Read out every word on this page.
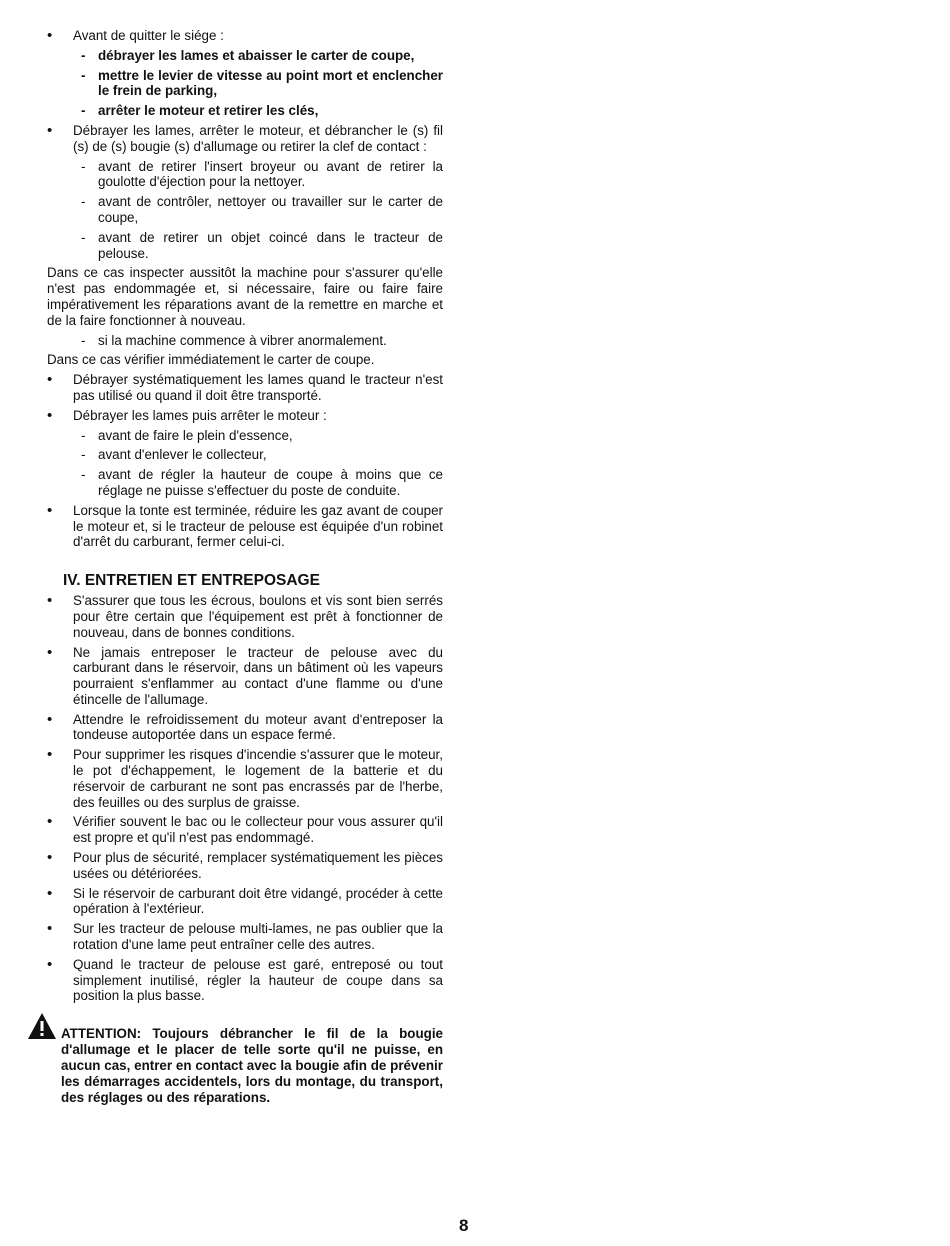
• Avant de quitter le siége :

- débrayer les lames et abaisser le carter de coupe,

- mettre le levier de vitesse au point mort et enclencher le frein de parking,

- arrêter le moteur et retirer les clés,

• Débrayer les lames, arrêter le moteur, et débrancher le (s) fil (s) de (s) bougie (s) d'allumage ou retirer la clef de contact :

- avant de retirer l'insert broyeur ou avant de retirer la goulotte d'éjection pour la nettoyer.

- avant de contrôler, nettoyer ou travailler sur le carter de coupe,

- avant de retirer un objet coincé dans le tracteur de pelouse.

Dans ce cas inspecter aussitôt la machine pour s'assurer qu'elle n'est pas endommagée et, si nécessaire, faire ou faire faire impérativement les réparations avant de la remettre en marche et de la faire fonctionner à nouveau.

- si la machine commence à vibrer anormalement.

Dans ce cas vérifier immédiatement le carter de coupe.

• Débrayer systématiquement les lames quand le tracteur n'est pas utilisé ou quand il doit être transporté.

• Débrayer les lames puis arrêter le moteur :

- avant de faire le plein d'essence,

- avant d'enlever le collecteur,

- avant de régler la hauteur de coupe à moins que ce réglage ne puisse s'effectuer du poste de conduite.

• Lorsque la tonte est terminée, réduire les gaz avant de couper le moteur et, si le tracteur de pelouse est équipée d'un robinet d'arrêt du carburant, fermer celui-ci.

IV. ENTRETIEN ET ENTREPOSAGE

• S'assurer que tous les écrous, boulons et vis sont bien serrés pour être certain que l'équipement est prêt à fonctionner de nouveau, dans de bonnes conditions.

• Ne jamais entreposer le tracteur de pelouse avec du carburant dans le réservoir, dans un bâtiment où les vapeurs pourraient s'enflammer au contact d'une flamme ou d'une étincelle de l'allumage.

• Attendre le refroidissement du moteur avant d'entreposer la tondeuse autoportée dans un espace fermé.

• Pour supprimer les risques d'incendie s'assurer que le moteur, le pot d'échappement, le logement de la batterie et du réservoir de carburant ne sont pas encrassés par de l'herbe, des feuilles ou des surplus de graisse.

• Vérifier souvent le bac ou le collecteur pour vous assurer qu'il est propre et qu'il n'est pas endommagé.

• Pour plus de sécurité, remplacer systématiquement les pièces usées ou détériorées.

• Si le réservoir de carburant doit être vidangé, procéder à cette opération à l'extérieur.

• Sur les tracteur de pelouse multi-lames, ne pas oublier que la rotation d'une lame peut entraîner celle des autres.

• Quand le tracteur de pelouse est garé, entreposé ou tout simplement inutilisé, régler la hauteur de coupe dans sa position la plus basse.

ATTENTION: Toujours débrancher le fil de la bougie d'allumage et le placer de telle sorte qu'il ne puisse, en aucun cas, entrer en contact avec la bougie afin de prévenir les démarrages accidentels, lors du montage, du transport, des réglages ou des réparations.
8
